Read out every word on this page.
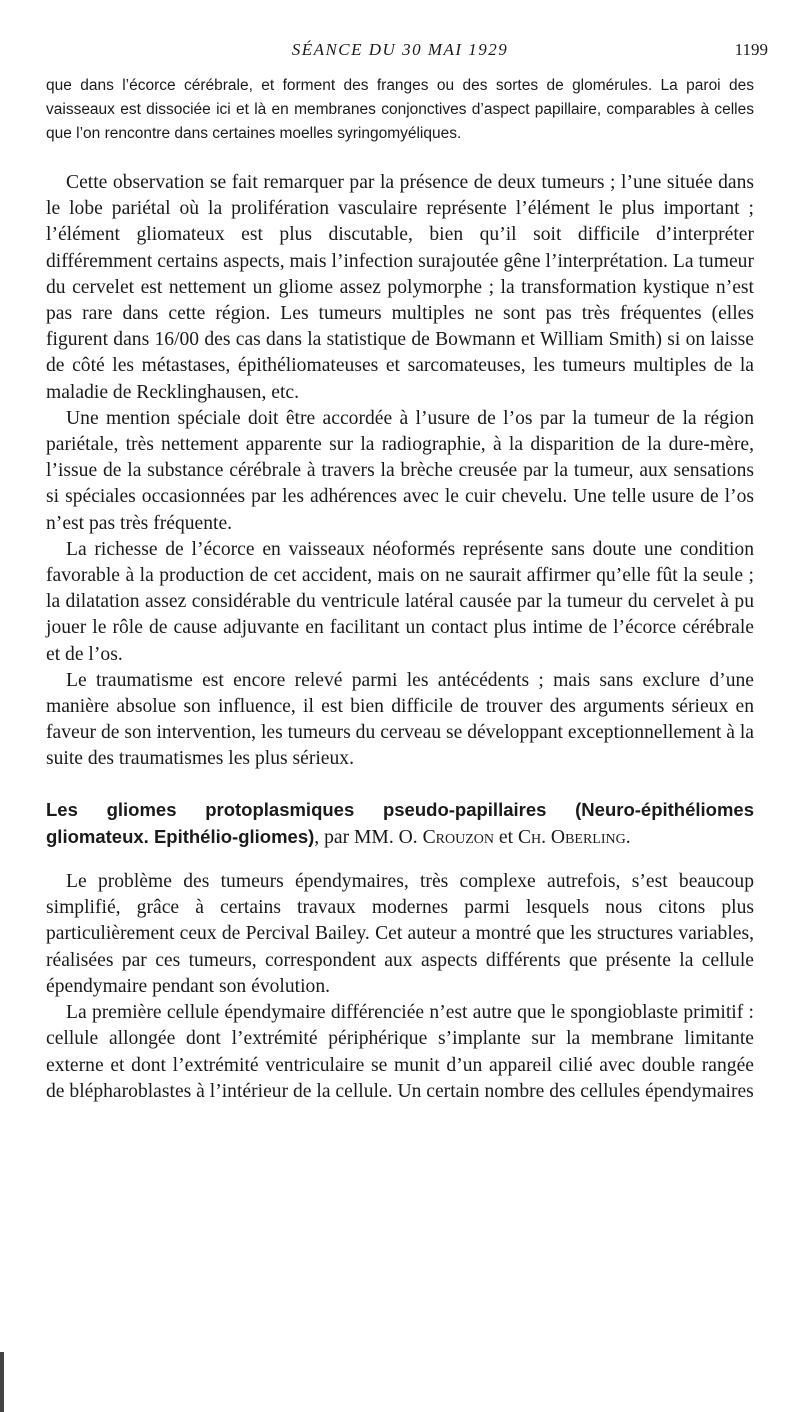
SÉANCE DU 30 MAI 1929	1199

que dans l’écorce cérébrale, et forment des franges ou des sortes de glomérules. La paroi des vaisseaux est dissociée ici et là en membranes conjonctives d’aspect papillaire, comparables à celles que l’on rencontre dans certaines moelles syringomyéliques.

Cette observation se fait remarquer par la présence de deux tumeurs ; l’une située dans le lobe pariétal où la prolifération vasculaire représente l’élément le plus important ; l’élément gliomateux est plus discutable, bien qu’il soit difficile d’interpréter différemment certains aspects, mais l’infection surajoutée gêne l’interprétation. La tumeur du cervelet est nettement un gliome assez polymorphe ; la transformation kystique n’est pas rare dans cette région. Les tumeurs multiples ne sont pas très fréquentes (elles figurent dans 16/00 des cas dans la statistique de Bowmann et William Smith) si on laisse de côté les métastases, épithéliomateuses et sarcomateuses, les tumeurs multiples de la maladie de Recklinghausen, etc.

Une mention spéciale doit être accordée à l’usure de l’os par la tumeur de la région pariétale, très nettement apparente sur la radiographie, à la disparition de la dure-mère, l’issue de la substance cérébrale à travers la brèche creusée par la tumeur, aux sensations si spéciales occasionnées par les adhérences avec le cuir chevelu. Une telle usure de l’os n’est pas très fréquente.

La richesse de l’écorce en vaisseaux néoformés représente sans doute une condition favorable à la production de cet accident, mais on ne saurait affirmer qu’elle fût la seule ; la dilatation assez considérable du ventricule latéral causée par la tumeur du cervelet à pu jouer le rôle de cause adjuvante en facilitant un contact plus intime de l’écorce cérébrale et de l’os.

Le traumatisme est encore relevé parmi les antécédents ; mais sans exclure d’une manière absolue son influence, il est bien difficile de trouver des arguments sérieux en faveur de son intervention, les tumeurs du cerveau se développant exceptionnellement à la suite des traumatismes les plus sérieux.

Les gliomes protoplasmiques pseudo-papillaires (Neuro-épithéliomes gliomateux. Epithélio-gliomes), par MM. O. Crouzon et Ch. Oberling.

Le problème des tumeurs épendymaires, très complexe autrefois, s’est beaucoup simplifié, grâce à certains travaux modernes parmi lesquels nous citons plus particulièrement ceux de Percival Bailey. Cet auteur a montré que les structures variables, réalisées par ces tumeurs, correspondent aux aspects différents que présente la cellule épendymaire pendant son évolution.

La première cellule épendymaire différenciée n’est autre que le spongioblaste primitif : cellule allongée dont l’extrémité périphérique s’implante sur la membrane limitante externe et dont l’extrémité ventriculaire se munit d’un appareil cilié avec double rangée de blépharoblastes à l’intérieur de la cellule. Un certain nombre des cellules épendymaires
